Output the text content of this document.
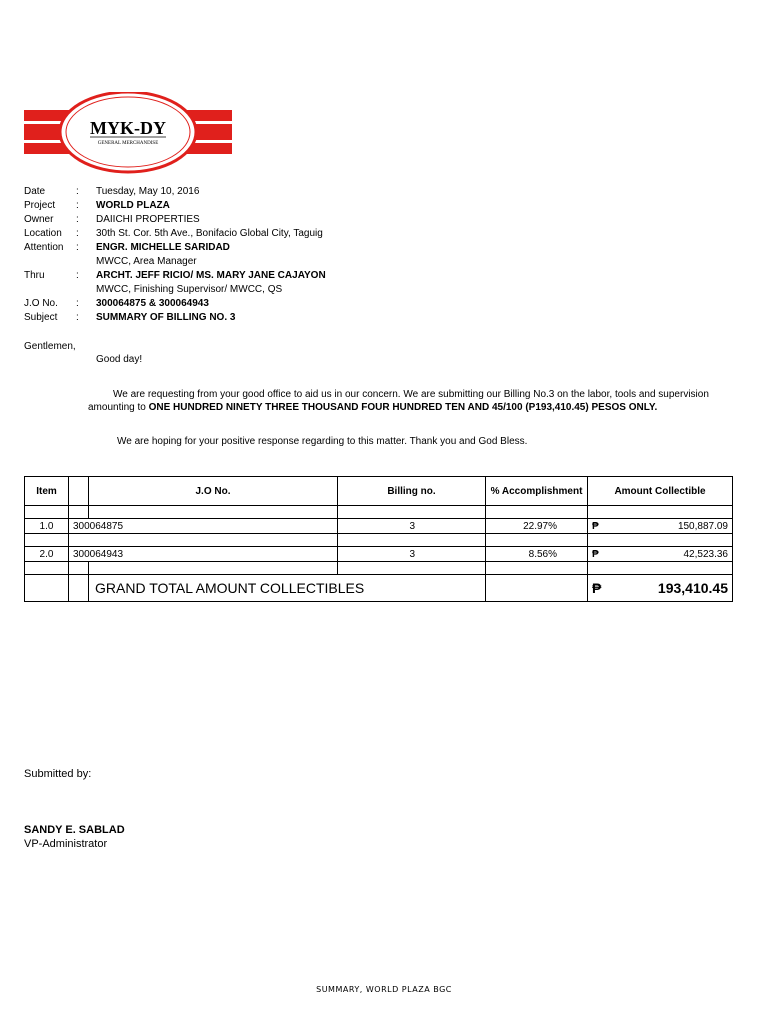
MYK-DY
GENERAL MERCHANDISE
Date	: Tuesday, May 10, 2016
Project : WORLD PLAZA
Owner : DAIICHI PROPERTIES
Location : 30th St. Cor. 5th Ave., Bonifacio Global City, Taguig
Attention : ENGR. MICHELLE SARIDAD
MWCC, Area Manager
Thru	: ARCHT. JEFF RICIO/ MS. MARY JANE CAJAYON
MWCC, Finishing Supervisor/ MWCC, QS
J.O No. : 300064875 & 300064943
Subject : SUMMARY OF BILLING NO. 3
Gentlemen,
Good day!
We are requesting from your good office to aid us in our concern. We are submitting our Billing No.3 on the labor, tools and supervision
amounting to ONE HUNDRED NINETY THREE THOUSAND FOUR HUNDRED TEN AND 45/100 (P193,410.45) PESOS ONLY.
We are hoping for your positive response regarding to this matter. Thank you and God Bless.
Item		J.O No.	Billing no.	% Accomplishment	Amount Collectible

1.0	300064875		3	22.97%	₱ 150,887.09

2.0	300064943		3	8.56%	₱ 42,523.36

		GRAND TOTAL AMOUNT COLLECTIBLES			₱ 193,410.45
Submitted by:
SANDY E. SABLAD
VP-Administrator
SUMMARY, WORLD PLAZA BGC
